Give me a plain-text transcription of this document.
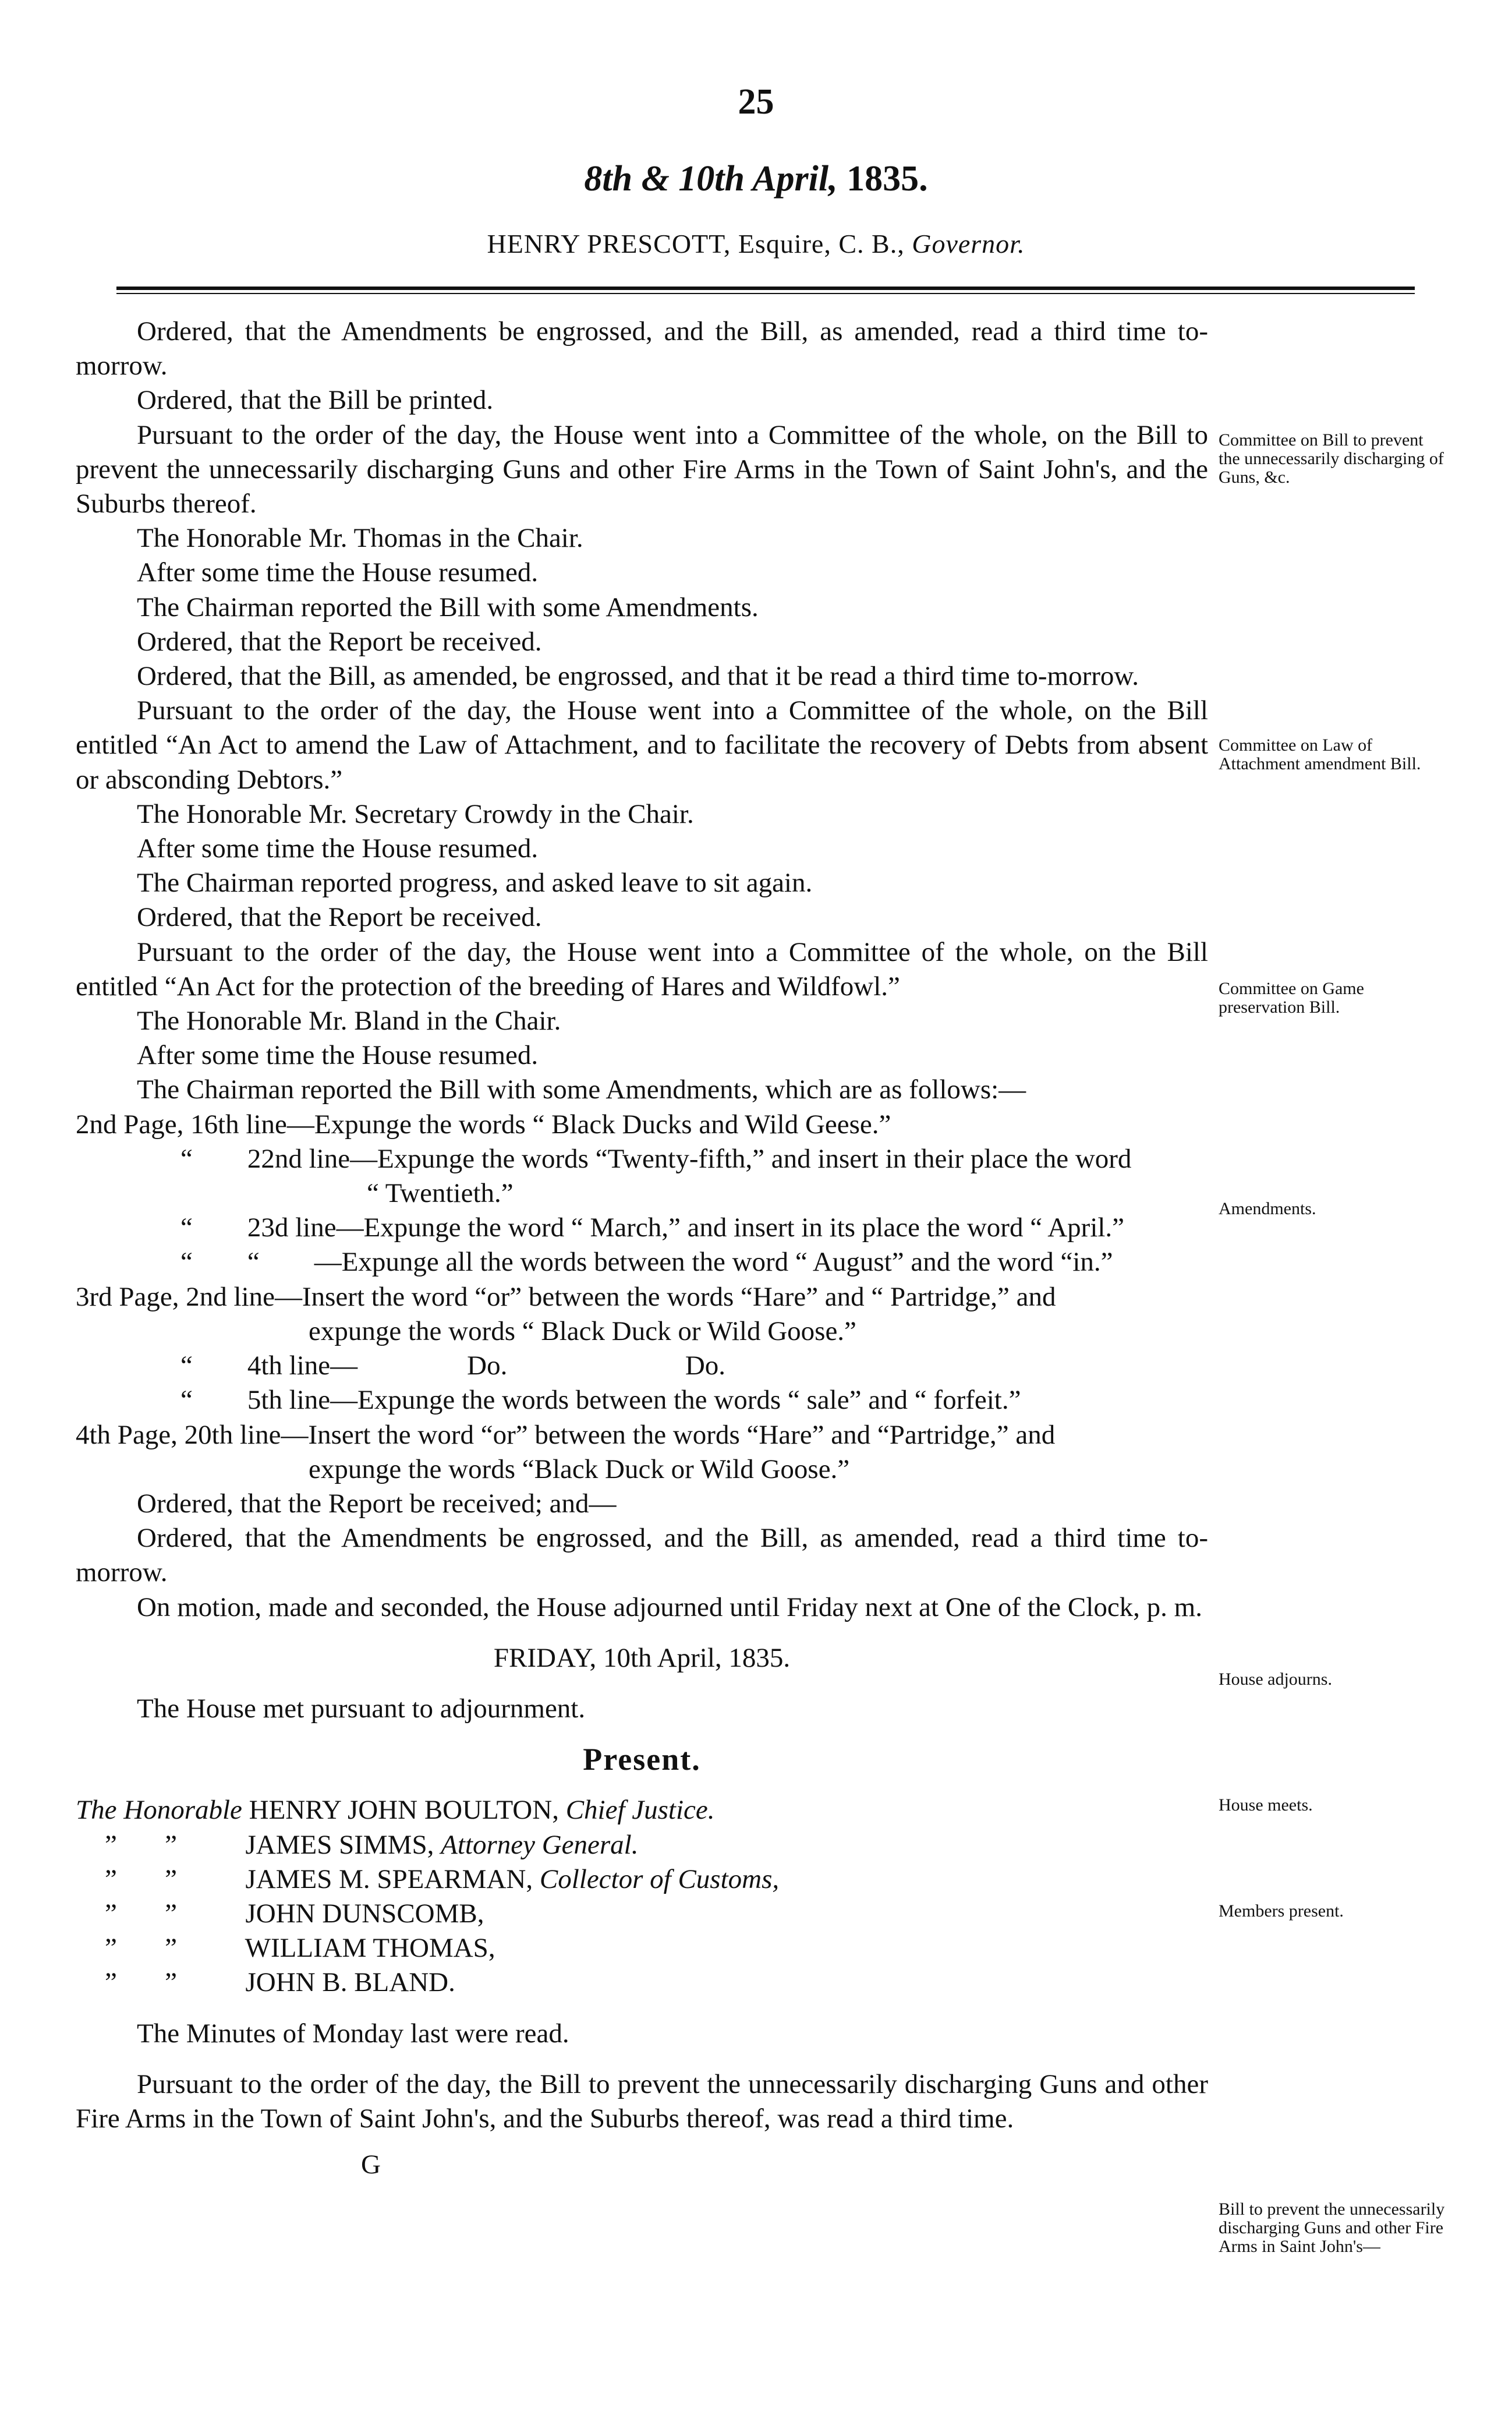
25
8th & 10th April, 1835.
HENRY PRESCOTT, Esquire, C. B., Governor.

Ordered, that the Amendments be engrossed, and the Bill, as amended, read a third time to-morrow.

Ordered, that the Bill be printed.

Pursuant to the order of the day, the House went into a Committee of the whole, on the Bill to prevent the unnecessarily discharging Guns and other Fire Arms in the Town of Saint John's, and the Suburbs thereof.

The Honorable Mr. Thomas in the Chair.

After some time the House resumed.

The Chairman reported the Bill with some Amendments.

Ordered, that the Report be received.

Ordered, that the Bill, as amended, be engrossed, and that it be read a third time to-morrow.

Pursuant to the order of the day, the House went into a Committee of the whole, on the Bill entitled “An Act to amend the Law of Attachment, and to facilitate the recovery of Debts from absent or absconding Debtors.”

The Honorable Mr. Secretary Crowdy in the Chair.

After some time the House resumed.

The Chairman reported progress, and asked leave to sit again.

Ordered, that the Report be received.

Pursuant to the order of the day, the House went into a Committee of the whole, on the Bill entitled “An Act for the protection of the breeding of Hares and Wildfowl.”

The Honorable Mr. Bland in the Chair.

After some time the House resumed.

The Chairman reported the Bill with some Amendments, which are as follows:—

2nd Page, 16th line—Expunge the words “ Black Ducks and Wild Geese.”

“        22nd line—Expunge the words “Twenty-fifth,” and insert in their place the word

“ Twentieth.”

“        23d line—Expunge the word “ March,” and insert in its place the word “ April.”

“        “        —Expunge all the words between the word “ August” and the word “in.”

3rd Page, 2nd line—Insert the word “or” between the words “Hare” and “ Partridge,” and

expunge the words “ Black Duck or Wild Goose.”

“        4th line—                Do.                          Do.

“        5th line—Expunge the words between the words “ sale” and “ forfeit.”

4th Page, 20th line—Insert the word “or” between the words “Hare” and “Partridge,” and

expunge the words “Black Duck or Wild Goose.”

Ordered, that the Report be received; and—

Ordered, that the Amendments be engrossed, and the Bill, as amended, read a third time to-morrow.

On motion, made and seconded, the House adjourned until Friday next at One of the Clock, p. m.

FRIDAY, 10th April, 1835.

The House met pursuant to adjournment.

Present.

The Honorable HENRY JOHN BOULTON, Chief Justice.

”       ”	JAMES SIMMS, Attorney General.

”       ”	JAMES M. SPEARMAN, Collector of Customs,

”       ”	JOHN DUNSCOMB,

”       ” WILLIAM THOMAS,

”       ”	JOHN B. BLAND.

The Minutes of Monday last were read.

Pursuant to the order of the day, the Bill to prevent the unnecessarily discharging Guns and other Fire Arms in the Town of Saint John's, and the Suburbs thereof, was read a third time.

G

Committee on Bill to prevent the unnecessarily discharging of Guns, &c.
Committee on Law of Attachment amendment Bill.
Committee on Game preservation Bill.
Amendments.
House adjourns.
House meets.
Members present.
Bill to prevent the unnecessarily discharging Guns and other Fire Arms in Saint John's—
